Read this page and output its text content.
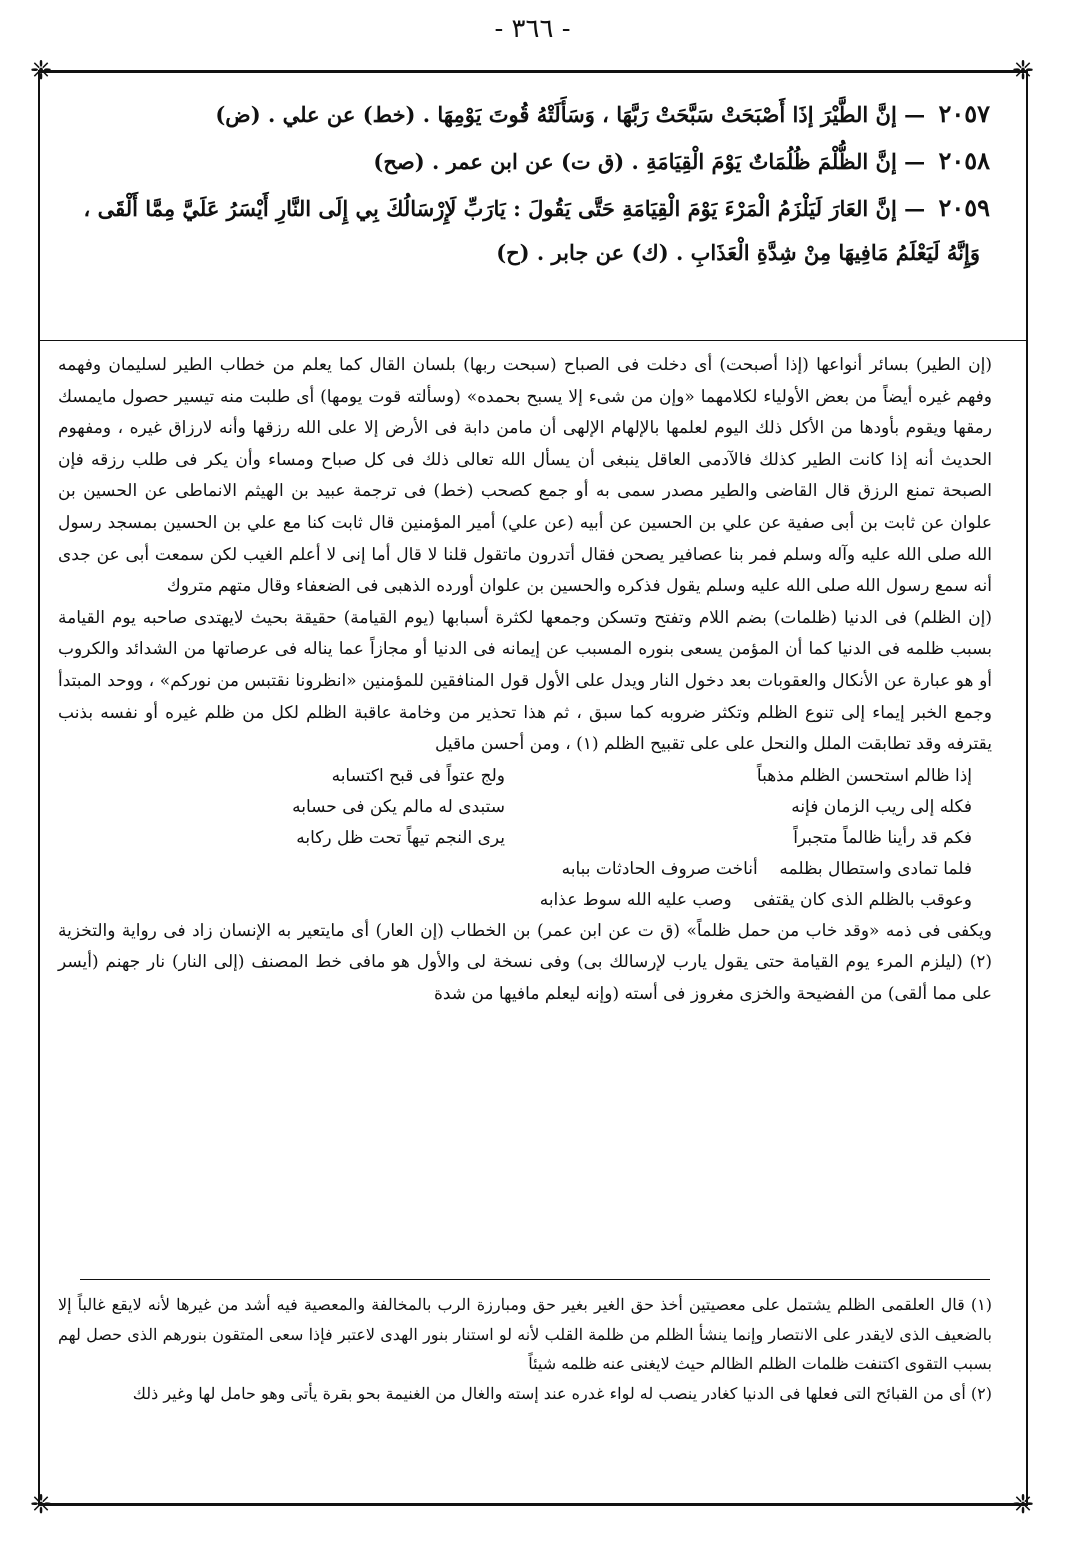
- ٣٦٦ -
❈	❈
❈	❈

٢٠٥٧ — إنَّ الطَّيْرَ إذَا أَصْبَحَتْ سَبَّحَتْ رَبَّهَا ، وَسَأَلَتْهُ قُوتَ يَوْمِهَا . (خط) عن علي . (ض)

٢٠٥٨ — إنَّ الظُّلْمَ ظُلُمَاتٌ يَوْمَ الْقِيَامَةِ . (ق ت) عن ابن عمر . (صح)

٢٠٥٩ — إنَّ العَارَ لَيَلْزَمُ الْمَرْءَ يَوْمَ الْقِيَامَةِ حَتَّى يَقُولَ : يَارَبِّ لَإِرْسَالُكَ بِي إِلَى النَّارِ أَيْسَرُ عَلَيَّ مِمَّا أَلْقَى ،
وَإِنَّهُ لَيَعْلَمُ مَافِيهَا مِنْ شِدَّةِ الْعَذَابِ . (ك) عن جابر . (ح)

(إن الطير) بسائر أنواعها (إذا أصبحت) أى دخلت فى الصباح (سبحت ربها) بلسان القال كما يعلم من خطاب الطير لسليمان وفهمه وفهم غيره أيضاً من بعض الأولياء لكلامهما «وإن من شىء إلا يسبح بحمده» (وسألته قوت يومها) أى طلبت منه تيسير حصول مايمسك رمقها ويقوم بأودها من الأكل ذلك اليوم لعلمها بالإلهام الإلهى أن مامن دابة فى الأرض إلا على الله رزقها وأنه لارزاق غيره ، ومفهوم الحديث أنه إذا كانت الطير كذلك فالآدمى العاقل ينبغى أن يسأل الله تعالى ذلك فى كل صباح ومساء وأن يكر فى طلب رزقه فإن الصبحة تمنع الرزق قال القاضى والطير مصدر سمى به أو جمع كصحب (خط) فى ترجمة عبيد بن الهيثم الانماطى عن الحسين بن علوان عن ثابت بن أبى صفية عن علي بن الحسين عن أبيه (عن علي) أمير المؤمنين قال ثابت كنا مع علي بن الحسين بمسجد رسول الله صلى الله عليه وآله وسلم فمر بنا عصافير يصحن فقال أتدرون ماتقول قلنا لا قال أما إنى لا أعلم الغيب لكن سمعت أبى عن جدى أنه سمع رسول الله صلى الله عليه وسلم يقول فذكره والحسين بن علوان أورده الذهبى فى الضعفاء وقال متهم متروك

(إن الظلم) فى الدنيا (ظلمات) بضم اللام وتفتح وتسكن وجمعها لكثرة أسبابها (يوم القيامة) حقيقة بحيث لايهتدى صاحبه يوم القيامة بسبب ظلمه فى الدنيا كما أن المؤمن يسعى بنوره المسبب عن إيمانه فى الدنيا أو مجازاً عما يناله فى عرصاتها من الشدائد والكروب أو هو عبارة عن الأنكال والعقوبات بعد دخول النار ويدل على الأول قول المنافقين للمؤمنين «انظرونا نقتبس من نوركم» ، ووحد المبتدأ وجمع الخبر إيماء إلى تنوع الظلم وتكثر ضروبه كما سبق ، ثم هذا تحذير من وخامة عاقبة الظلم لكل من ظلم غيره أو نفسه بذنب يقترفه وقد تطابقت الملل والنحل على على تقبيح الظلم (١) ، ومن أحسن ماقيل

إذا ظالم استحسن الظلم مذهباً
ولج عتواً فى قبح اكتسابه
فكله إلى ريب الزمان فإنه
ستبدى له مالم يكن فى حسابه
فكم قد رأينا ظالماً متجبراً
يرى النجم تيهاً تحت ظل ركابه
فلما تمادى واستطال بظلمه    أناخت صروف الحادثات ببابه
وعوقب بالظلم الذى كان يقتفى    وصب عليه الله سوط عذابه

ويكفى فى ذمه «وقد خاب من حمل ظلماً» (ق ت عن ابن عمر) بن الخطاب (إن العار) أى مايتعير به الإنسان زاد فى رواية والتخزية (٢) (ليلزم المرء يوم القيامة حتى يقول يارب لإرسالك بى) وفى نسخة لى والأول هو مافى خط المصنف (إلى النار) نار جهنم (أيسر على مما ألقى) من الفضيحة والخزى مغروز فى أسته (وإنه ليعلم مافيها من شدة

(١) قال العلقمى الظلم يشتمل على معصيتين أخذ حق الغير بغير حق ومبارزة الرب بالمخالفة والمعصية فيه أشد من غيرها لأنه لايقع غالباً إلا بالضعيف الذى لايقدر على الانتصار وإنما ينشأ الظلم من ظلمة القلب لأنه لو استنار بنور الهدى لاعتبر فإذا سعى المتقون بنورهم الذى حصل لهم بسبب التقوى اكتنفت ظلمات الظلم الظالم حيث لايغنى عنه ظلمه شيئاً

(٢) أى من القبائح التى فعلها فى الدنيا كغادر ينصب له لواء غدره عند إسته والغال من الغنيمة بحو بقرة يأتى وهو حامل لها وغير ذلك
